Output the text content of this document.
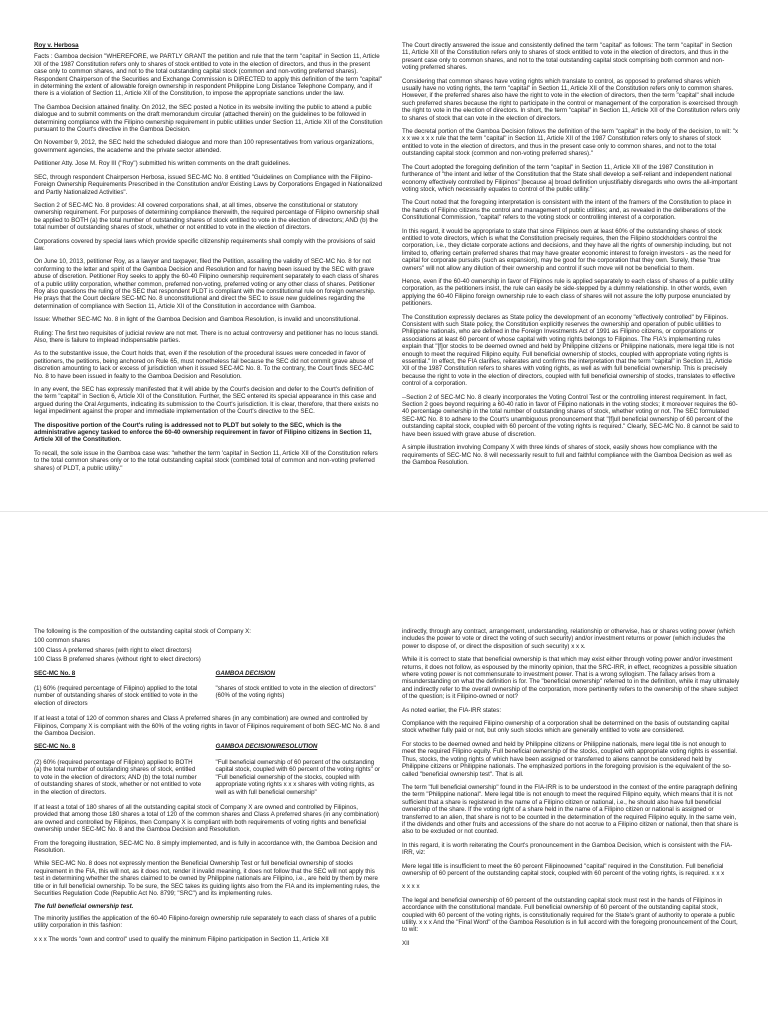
Roy v. Herbosa

Facts : Gamboa decision "WHEREFORE, we PARTLY GRANT the petition and rule that the term "capital" in Section 11, Article XII of the 1987 Constitution refers only to shares of stock entitled to vote in the election of directors, and thus in the present case only to common shares, and not to the total outstanding capital stock (common and non-voting preferred shares). Respondent Chairperson of the Securities and Exchange Commission is DIRECTED to apply this definition of the term "capital" in determining the extent of allowable foreign ownership in respondent Philippine Long Distance Telephone Company, and if there is a violation of Section 11, Article XII of the Constitution, to impose the appropriate sanctions under the law.

The Gamboa Decision attained finality. On 2012, the SEC posted a Notice in its website inviting the public to attend a public dialogue and to submit comments on the draft memorandum circular (attached therein) on the guidelines to be followed in determining compliance with the Filipino ownership requirement in public utilities under Section 11, Article XII of the Constitution pursuant to the Court's directive in the Gamboa Decision.

On November 9, 2012, the SEC held the scheduled dialogue and more than 100 representatives from various organizations, government agencies, the academe and the private sector attended.

Petitioner Atty. Jose M. Roy III ("Roy") submitted his written comments on the draft guidelines.

SEC, through respondent Chairperson Herbosa, issued SEC-MC No. 8 entitled "Guidelines on Compliance with the Filipino-Foreign Ownership Requirements Prescribed in the Constitution and/or Existing Laws by Corporations Engaged in Nationalized and Partly Nationalized Activities".

Section 2 of SEC-MC No. 8 provides: All covered corporations shall, at all times, observe the constitutional or statutory ownership requirement. For purposes of determining compliance therewith, the required percentage of Filipino ownership shall be applied to BOTH (a) the total number of outstanding shares of stock entitled to vote in the election of directors; AND (b) the total number of outstanding shares of stock, whether or not entitled to vote in the election of directors.

Corporations covered by special laws which provide specific citizenship requirements shall comply with the provisions of said law.

On June 10, 2013, petitioner Roy, as a lawyer and taxpayer, filed the Petition, assailing the validity of SEC-MC No. 8 for not conforming to the letter and spirit of the Gamboa Decision and Resolution and for having been issued by the SEC with grave abuse of discretion. Petitioner Roy seeks to apply the 60-40 Filipino ownership requirement separately to each class of shares of a public utility corporation, whether common, preferred non-voting, preferred voting or any other class of shares. Petitioner Roy also questions the ruling of the SEC that respondent PLDT is compliant with the constitutional rule on foreign ownership. He prays that the Court declare SEC-MC No. 8 unconstitutional and direct the SEC to issue new guidelines regarding the determination of compliance with Section 11, Article XII of the Constitution in accordance with Gamboa.

Issue: Whether SEC-MC No. 8 in light of the Gamboa Decision and Gamboa Resolution, is invalid and unconstitutional.

Ruling: The first two requisites of judicial review are not met. There is no actual controversy and petitioner has no locus standi. Also, there is failure to implead indispensable parties.

As to the substantive issue, the Court holds that, even if the resolution of the procedural issues were conceded in favor of petitioners, the petitions, being anchored on Rule 65, must nonetheless fail because the SEC did not commit grave abuse of discretion amounting to lack or excess of jurisdiction when it issued SEC-MC No. 8. To the contrary, the Court finds SEC-MC No. 8 to have been issued in fealty to the Gamboa Decision and Resolution.

In any event, the SEC has expressly manifested that it will abide by the Court's decision and defer to the Court's definition of the term "capital" in Section 6, Article XII of the Constitution. Further, the SEC entered its special appearance in this case and argued during the Oral Arguments, indicating its submission to the Court's jurisdiction. It is clear, therefore, that there exists no legal impediment against the proper and immediate implementation of the Court's directive to the SEC.

The dispositive portion of the Court's ruling is addressed not to PLDT but solely to the SEC, which is the administrative agency tasked to enforce the 60-40 ownership requirement in favor of Filipino citizens in Section 11, Article XII of the Constitution.

To recall, the sole issue in the Gamboa case was: "whether the term 'capital' in Section 11, Article XII of the Constitution refers to the total common shares only or to the total outstanding capital stock (combined total of common and non-voting preferred shares) of PLDT, a public utility."

The Court directly answered the issue and consistently defined the term "capital" as follows: The term "capital" in Section 11, Article XII of the Constitution refers only to shares of stock entitled to vote in the election of directors, and thus in the present case only to common shares, and not to the total outstanding capital stock comprising both common and non-voting preferred shares.

Considering that common shares have voting rights which translate to control, as opposed to preferred shares which usually have no voting rights, the term "capital" in Section 11, Article XII of the Constitution refers only to common shares. However, if the preferred shares also have the right to vote in the election of directors, then the term "capital" shall include such preferred shares because the right to participate in the control or management of the corporation is exercised through the right to vote in the election of directors. In short, the term "capital" in Section 11, Article XII of the Constitution refers only to shares of stock that can vote in the election of directors.

The decretal portion of the Gamboa Decision follows the definition of the term "capital" in the body of the decision, to wit: "x x x we x x x rule that the term "capital" in Section 11, Article XII of the 1987 Constitution refers only to shares of stock entitled to vote in the election of directors, and thus in the present case only to common shares, and not to the total outstanding capital stock (common and non-voting preferred shares)."

The Court adopted the foregoing definition of the term "capital" in Section 11, Article XII of the 1987 Constitution in furtherance of "the intent and letter of the Constitution that the State shall develop a self-reliant and independent national economy effectively controlled by Filipinos" [because a] broad definition unjustifiably disregards who owns the all-important voting stock, which necessarily equates to control of the public utility."

The Court noted that the foregoing interpretation is consistent with the intent of the framers of the Constitution to place in the hands of Filipino citizens the control and management of public utilities; and, as revealed in the deliberations of the Constitutional Commission, "capital" refers to the voting stock or controlling interest of a corporation.

In this regard, it would be appropriate to state that since Filipinos own at least 60% of the outstanding shares of stock entitled to vote directors, which is what the Constitution precisely requires, then the Filipino stockholders control the corporation, i.e., they dictate corporate actions and decisions, and they have all the rights of ownership including, but not limited to, offering certain preferred shares that may have greater economic interest to foreign investors - as the need for capital for corporate pursuits (such as expansion), may be good for the corporation that they own. Surely, these "true owners" will not allow any dilution of their ownership and control if such move will not be beneficial to them.

Hence, even if the 60-40 ownership in favor of Filipinos rule is applied separately to each class of shares of a public utility corporation, as the petitioners insist, the rule can easily be side-stepped by a dummy relationship. In other words, even applying the 60-40 Filipino foreign ownership rule to each class of shares will not assure the lofty purpose enunciated by petitioners.

The Constitution expressly declares as State policy the development of an economy "effectively controlled" by Filipinos. Consistent with such State policy, the Constitution explicitly reserves the ownership and operation of public utilities to Philippine nationals, who are defined in the Foreign Investments Act of 1991 as Filipino citizens, or corporations or associations at least 60 percent of whose capital with voting rights belongs to Filipinos. The FIA's implementing rules explain that "[f]or stocks to be deemed owned and held by Philippine citizens or Philippine nationals, mere legal title is not enough to meet the required Filipino equity. Full beneficial ownership of stocks, coupled with appropriate voting rights is essential." In effect, the FIA clarifies, reiterates and confirms the interpretation that the term "capital" in Section 11, Article XII of the 1987 Constitution refers to shares with voting rights, as well as with full beneficial ownership. This is precisely because the right to vote in the election of directors, coupled with full beneficial ownership of stocks, translates to effective control of a corporation.

--Section 2 of SEC-MC No. 8 clearly incorporates the Voting Control Test or the controlling interest requirement. In fact, Section 2 goes beyond requiring a 60-40 ratio in favor of Filipino nationals in the voting stocks; it moreover requires the 60-40 percentage ownership in the total number of outstanding shares of stock, whether voting or not. The SEC formulated SEC-MC No. 8 to adhere to the Court's unambiguous pronouncement that "[f]ull beneficial ownership of 60 percent of the outstanding capital stock, coupled with 60 percent of the voting rights is required." Clearly, SEC-MC No. 8 cannot be said to have been issued with grave abuse of discretion.

A simple illustration involving Company X with three kinds of shares of stock, easily shows how compliance with the requirements of SEC-MC No. 8 will necessarily result to full and faithful compliance with the Gamboa Decision as well as the Gamboa Resolution.

The following is the composition of the outstanding capital stock of Company X:

100 common shares

100 Class A preferred shares (with right to elect directors)

100 Class B preferred shares (without right to elect directors)

SEC-MC No. 8
(1) 60% (required percentage of Filipino) applied to the total number of outstanding shares of stock entitled to vote in the election of directors
GAMBOA DECISION
"shares of stock entitled to vote in the election of directors" (60% of the voting rights)

If at least a total of 120 of common shares and Class A preferred shares (in any combination) are owned and controlled by Filipinos, Company X is compliant with the 60% of the voting rights in favor of Filipinos requirement of both SEC-MC No. 8 and the Gamboa Decision.

SEC-MC No. 8
(2) 60% (required percentage of Filipino) applied to BOTH (a) the total number of outstanding shares of stock, entitled to vote in the election of directors; AND (b) the total number of outstanding shares of stock, whether or not entitled to vote in the election of directors.
GAMBOA DECISION/RESOLUTION
"Full beneficial ownership of 60 percent of the outstanding capital stock, coupled with 60 percent of the voting rights" or "Full beneficial ownership of the stocks, coupled with appropriate voting rights x x x shares with voting rights, as well as with full beneficial ownership"

If at least a total of 180 shares of all the outstanding capital stock of Company X are owned and controlled by Filipinos, provided that among those 180 shares a total of 120 of the common shares and Class A preferred shares (in any combination) are owned and controlled by Filipinos, then Company X is compliant with both requirements of voting rights and beneficial ownership under SEC-MC No. 8 and the Gamboa Decision and Resolution.

From the foregoing illustration, SEC-MC No. 8 simply implemented, and is fully in accordance with, the Gamboa Decision and Resolution.

While SEC-MC No. 8 does not expressly mention the Beneficial Ownership Test or full beneficial ownership of stocks requirement in the FIA, this will not, as it does not, render it invalid meaning, it does not follow that the SEC will not apply this test in determining whether the shares claimed to be owned by Philippine nationals are Filipino, i.e., are held by them by mere title or in full beneficial ownership. To be sure, the SEC takes its guiding lights also from the FIA and its implementing rules, the Securities Regulation Code (Republic Act No. 8799; "SRC") and its implementing rules.

The full beneficial ownership test.

The minority justifies the application of the 60-40 Filipino-foreign ownership rule separately to each class of shares of a public utility corporation in this fashion:

x x x The words "own and control" used to qualify the minimum Filipino participation in Section 11, Article XII

indirectly, through any contract, arrangement, understanding, relationship or otherwise, has or shares voting power (which includes the power to vote or direct the voting of such security) and/or investment returns or power (which includes the power to dispose of, or direct the disposition of such security) x x x.

While it is correct to state that beneficial ownership is that which may exist either through voting power and/or investment returns, it does not follow, as espoused by the minority opinion, that the SRC-IRR, in effect, recognizes a possible situation where voting power is not commensurate to investment power. That is a wrong syllogism. The fallacy arises from a misunderstanding on what the definition is for. The "beneficial ownership" referred to in the definition, while it may ultimately and indirectly refer to the overall ownership of the corporation, more pertinently refers to the ownership of the share subject of the question; is it Filipino-owned or not?

As noted earlier, the FIA-IRR states:

Compliance with the required Filipino ownership of a corporation shall be determined on the basis of outstanding capital stock whether fully paid or not, but only such stocks which are generally entitled to vote are considered.

For stocks to be deemed owned and held by Philippine citizens or Philippine nationals, mere legal title is not enough to meet the required Filipino equity. Full beneficial ownership of the stocks, coupled with appropriate voting rights is essential. Thus, stocks, the voting rights of which have been assigned or transferred to aliens cannot be considered held by Philippine citizens or Philippine nationals. The emphasized portions in the foregoing provision is the equivalent of the so-called "beneficial ownership test". That is all.

The term "full beneficial ownership" found in the FIA-IRR is to be understood in the context of the entire paragraph defining the term "Philippine national". Mere legal title is not enough to meet the required Filipino equity, which means that it is not sufficient that a share is registered in the name of a Filipino citizen or national, i.e., he should also have full beneficial ownership of the share. If the voting right of a share held in the name of a Filipino citizen or national is assigned or transferred to an alien, that share is not to be counted in the determination of the required Filipino equity. In the same vein, if the dividends and other fruits and accessions of the share do not accrue to a Filipino citizen or national, then that share is also to be excluded or not counted.

In this regard, it is worth reiterating the Court's pronouncement in the Gamboa Decision, which is consistent with the FIA-IRR, viz:

Mere legal title is insufficient to meet the 60 percent Filipinoowned "capital" required in the Constitution. Full beneficial ownership of 60 percent of the outstanding capital stock, coupled with 60 percent of the voting rights, is required. x x x

x x x x

The legal and beneficial ownership of 60 percent of the outstanding capital stock must rest in the hands of Filipinos in accordance with the constitutional mandate. Full beneficial ownership of 60 percent of the outstanding capital stock, coupled with 60 percent of the voting rights, is constitutionally required for the State's grant of authority to operate a public utility. x x x And the "Final Word" of the Gamboa Resolution is in full accord with the foregoing pronouncement of the Court, to wit:

XII
